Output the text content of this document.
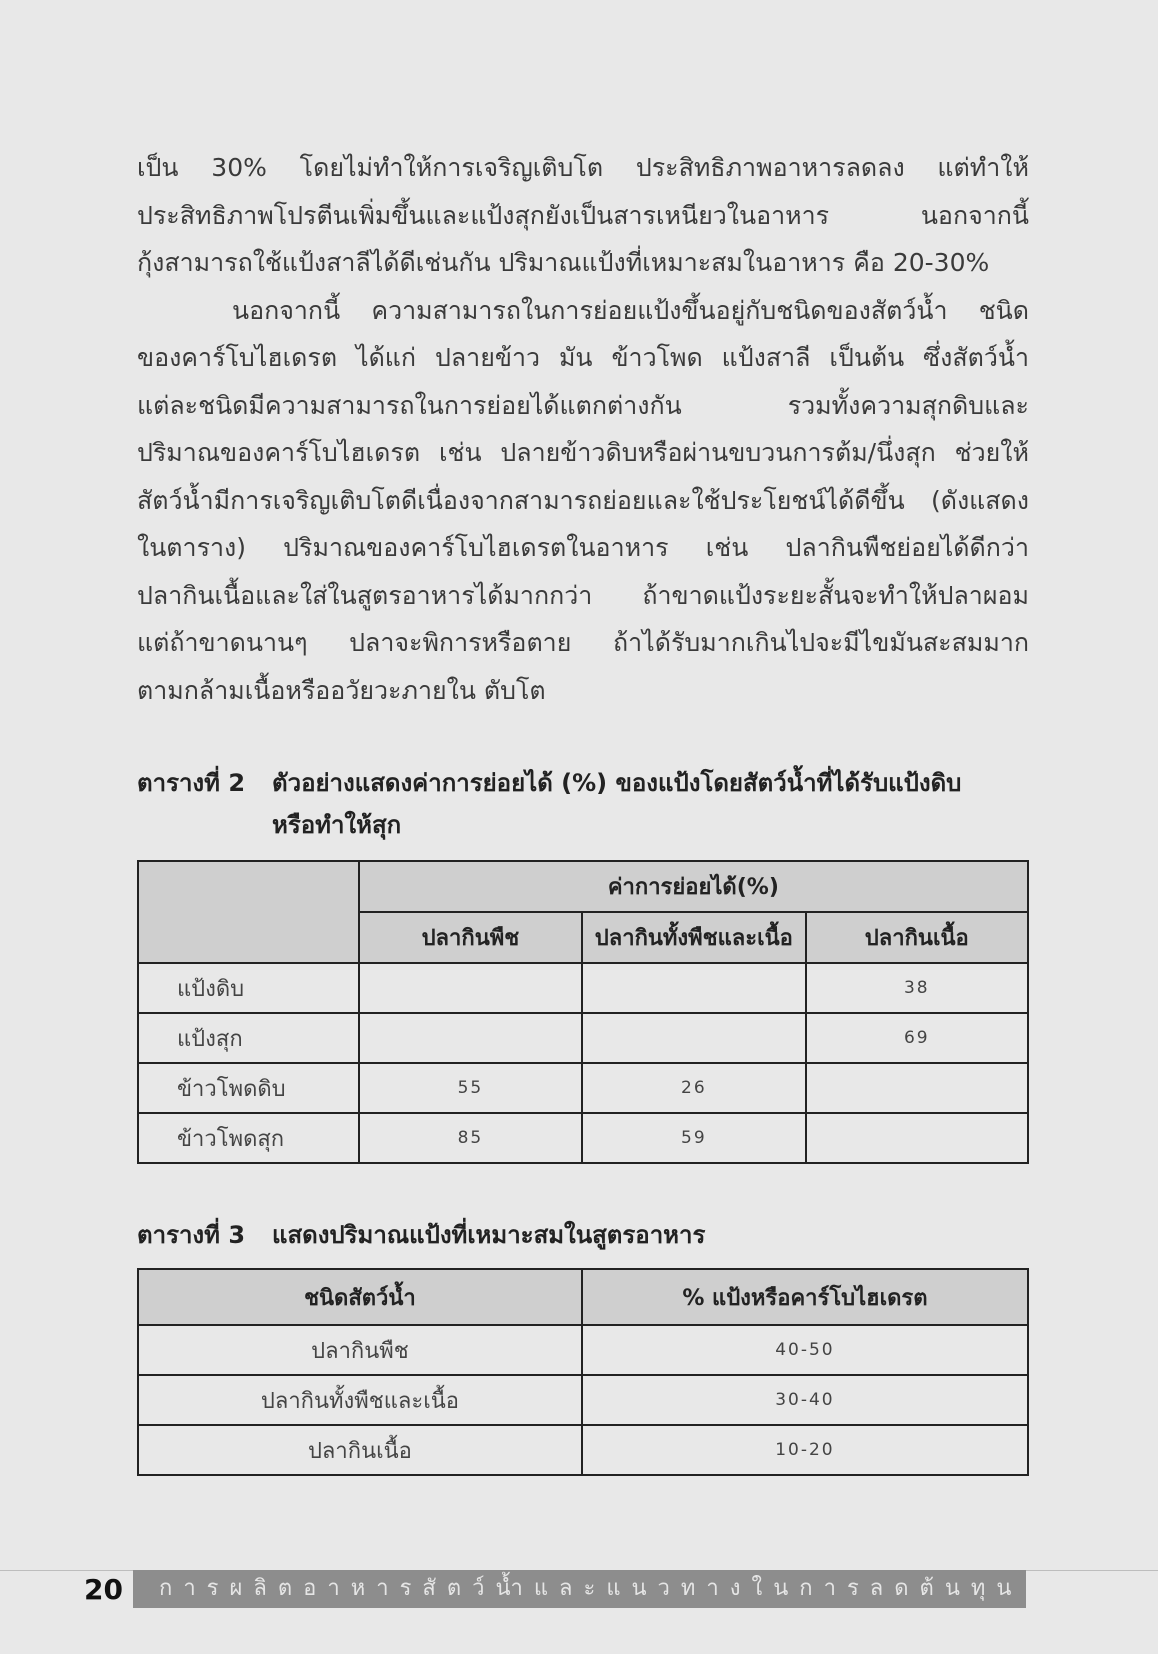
เป็น 30% โดยไม่ทำให้การเจริญเติบโต ประสิทธิภาพอาหารลดลง แต่ทำให้
ประสิทธิภาพโปรตีนเพิ่มขึ้นและแป้งสุกยังเป็นสารเหนียวในอาหาร นอกจากนี้
กุ้งสามารถใช้แป้งสาลีได้ดีเช่นกัน ปริมาณแป้งที่เหมาะสมในอาหาร คือ 20-30%

นอกจากนี้ ความสามารถในการย่อยแป้งขึ้นอยู่กับชนิดของสัตว์น้ำ ชนิด
ของคาร์โบไฮเดรต ได้แก่ ปลายข้าว มัน ข้าวโพด แป้งสาลี เป็นต้น ซึ่งสัตว์น้ำ
แต่ละชนิดมีความสามารถในการย่อยได้แตกต่างกัน รวมทั้งความสุกดิบและ
ปริมาณของคาร์โบไฮเดรต เช่น ปลายข้าวดิบหรือผ่านขบวนการต้ม/นึ่งสุก ช่วยให้
สัตว์น้ำมีการเจริญเติบโตดีเนื่องจากสามารถย่อยและใช้ประโยชน์ได้ดีขึ้น (ดังแสดง
ในตาราง) ปริมาณของคาร์โบไฮเดรตในอาหาร เช่น ปลากินพืชย่อยได้ดีกว่า
ปลากินเนื้อและใส่ในสูตรอาหารได้มากกว่า ถ้าขาดแป้งระยะสั้นจะทำให้ปลาผอม
แต่ถ้าขาดนานๆ ปลาจะพิการหรือตาย ถ้าได้รับมากเกินไปจะมีไขมันสะสมมาก
ตามกล้ามเนื้อหรืออวัยวะภายใน ตับโต

ตารางที่ 2 ตัวอย่างแสดงค่าการย่อยได้ (%) ของแป้งโดยสัตว์น้ำที่ได้รับแป้งดิบ
หรือทำให้สุก
	ค่าการย่อยได้(%)		
	ปลากินพืช	ปลากินทั้งพืชและเนื้อ	ปลากินเนื้อ
แป้งดิบ			38
แป้งสุก			69
ข้าวโพดดิบ	55	26	
ข้าวโพดสุก	85	59	
ตารางที่ 3 แสดงปริมาณแป้งที่เหมาะสมในสูตรอาหาร
ชนิดสัตว์น้ำ	% แป้งหรือคาร์โบไฮเดรต
ปลากินพืช	40-50
ปลากินทั้งพืชและเนื้อ	30-40
ปลากินเนื้อ	10-20
20	การผลิตอาหารสัตว์น้ำและแนวทางในการลดต้นทุน
